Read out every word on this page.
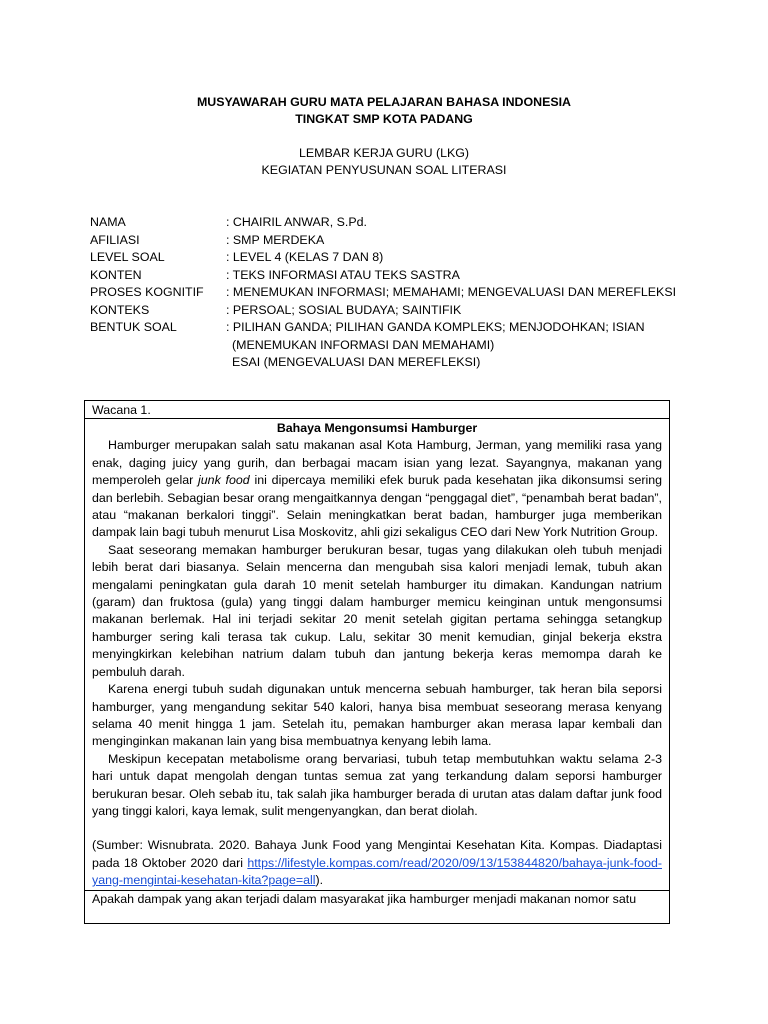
MUSYAWARAH GURU MATA PELAJARAN BAHASA INDONESIA
TINGKAT SMP KOTA PADANG
LEMBAR KERJA GURU (LKG)
KEGIATAN PENYUSUNAN SOAL LITERASI
NAMA	: CHAIRIL ANWAR, S.Pd.
AFILIASI	: SMP MERDEKA
LEVEL SOAL	: LEVEL 4 (KELAS 7 DAN 8)
KONTEN	: TEKS INFORMASI ATAU TEKS SASTRA
PROSES KOGNITIF	: MENEMUKAN INFORMASI; MEMAHAMI; MENGEVALUASI DAN MEREFLEKSI
KONTEKS	: PERSOAL; SOSIAL BUDAYA; SAINTIFIK
BENTUK SOAL	: PILIHAN GANDA; PILIHAN GANDA KOMPLEKS; MENJODOHKAN; ISIAN
(MENEMUKAN INFORMASI DAN MEMAHAMI)
ESAI (MENGEVALUASI DAN MEREFLEKSI)
Wacana 1.
Bahaya Mengonsumsi Hamburger

Hamburger merupakan salah satu makanan asal Kota Hamburg, Jerman, yang memiliki rasa yang enak, daging juicy yang gurih, dan berbagai macam isian yang lezat. Sayangnya, makanan yang memperoleh gelar junk food ini dipercaya memiliki efek buruk pada kesehatan jika dikonsumsi sering dan berlebih. Sebagian besar orang mengaitkannya dengan “penggagal diet”, “penambah berat badan”, atau “makanan berkalori tinggi”. Selain meningkatkan berat badan, hamburger juga memberikan dampak lain bagi tubuh menurut Lisa Moskovitz, ahli gizi sekaligus CEO dari New York Nutrition Group.

Saat seseorang memakan hamburger berukuran besar, tugas yang dilakukan oleh tubuh menjadi lebih berat dari biasanya. Selain mencerna dan mengubah sisa kalori menjadi lemak, tubuh akan mengalami peningkatan gula darah 10 menit setelah hamburger itu dimakan. Kandungan natrium (garam) dan fruktosa (gula) yang tinggi dalam hamburger memicu keinginan untuk mengonsumsi makanan berlemak. Hal ini terjadi sekitar 20 menit setelah gigitan pertama sehingga setangkup hamburger sering kali terasa tak cukup. Lalu, sekitar 30 menit kemudian, ginjal bekerja ekstra menyingkirkan kelebihan natrium dalam tubuh dan jantung bekerja keras memompa darah ke pembuluh darah.

Karena energi tubuh sudah digunakan untuk mencerna sebuah hamburger, tak heran bila seporsi hamburger, yang mengandung sekitar 540 kalori, hanya bisa membuat seseorang merasa kenyang selama 40 menit hingga 1 jam. Setelah itu, pemakan hamburger akan merasa lapar kembali dan menginginkan makanan lain yang bisa membuatnya kenyang lebih lama.

Meskipun kecepatan metabolisme orang bervariasi, tubuh tetap membutuhkan waktu selama 2-3 hari untuk dapat mengolah dengan tuntas semua zat yang terkandung dalam seporsi hamburger berukuran besar. Oleh sebab itu, tak salah jika hamburger berada di urutan atas dalam daftar junk food yang tinggi kalori, kaya lemak, sulit mengenyangkan, dan berat diolah.

(Sumber: Wisnubrata. 2020. Bahaya Junk Food yang Mengintai Kesehatan Kita. Kompas. Diadaptasi pada 18 Oktober 2020 dari https://lifestyle.kompas.com/read/2020/09/13/153844820/bahaya-junk-food-yang-mengintai-kesehatan-kita?page=all).

Apakah dampak yang akan terjadi dalam masyarakat jika hamburger menjadi makanan nomor satu
